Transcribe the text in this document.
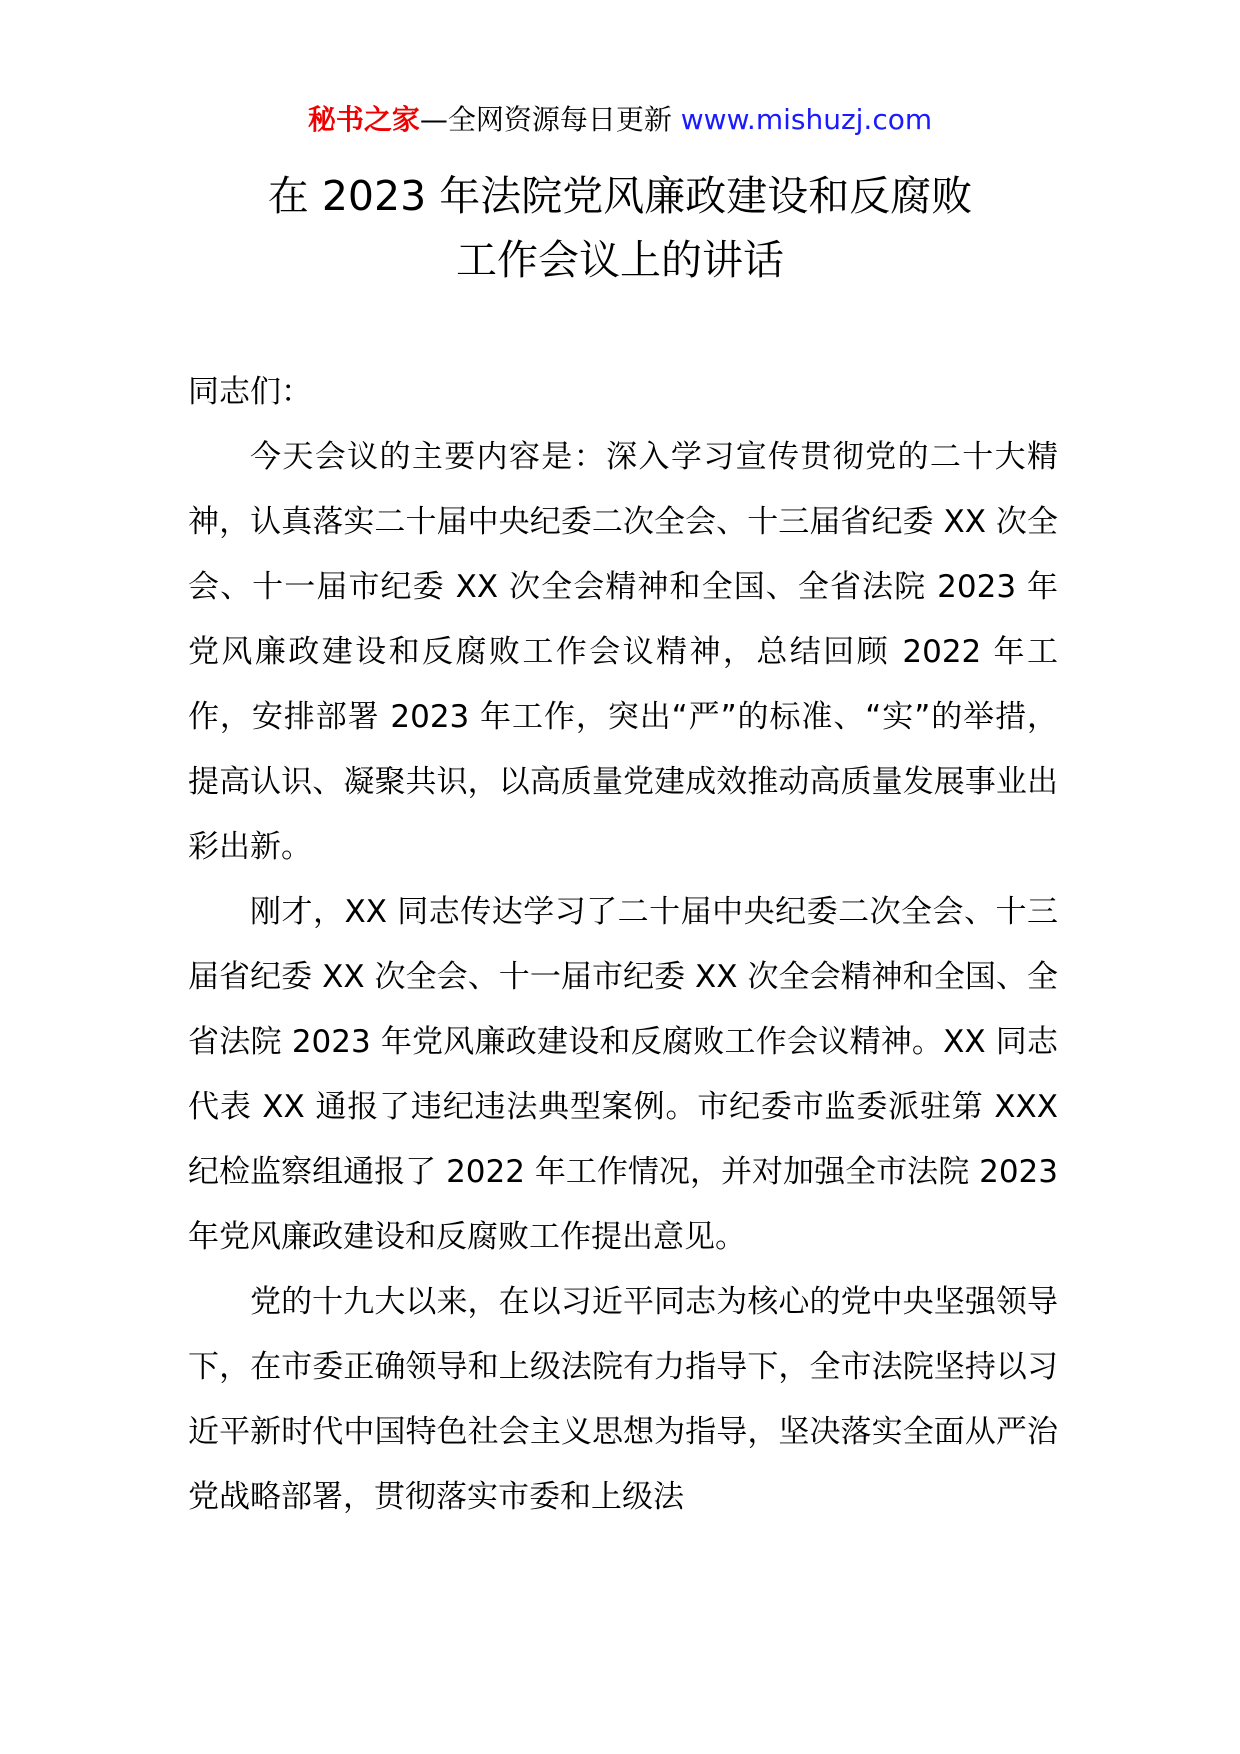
秘书之家—全网资源每日更新 www.mishuzj.com
在 2023 年法院党风廉政建设和反腐败
工作会议上的讲话

同志们：

今天会议的主要内容是：深入学习宣传贯彻党的二十大精神，认真落实二十届中央纪委二次全会、十三届省纪委 XX 次全会、十一届市纪委 XX 次全会精神和全国、全省法院 2023 年党风廉政建设和反腐败工作会议精神，总结回顾 2022 年工作，安排部署 2023 年工作，突出“严”的标准、“实”的举措，提高认识、凝聚共识，以高质量党建成效推动高质量发展事业出彩出新。

刚才，XX 同志传达学习了二十届中央纪委二次全会、十三届省纪委 XX 次全会、十一届市纪委 XX 次全会精神和全国、全省法院 2023 年党风廉政建设和反腐败工作会议精神。XX 同志代表 XX 通报了违纪违法典型案例。市纪委市监委派驻第 XXX 纪检监察组通报了 2022 年工作情况，并对加强全市法院 2023 年党风廉政建设和反腐败工作提出意见。

党的十九大以来，在以习近平同志为核心的党中央坚强领导下，在市委正确领导和上级法院有力指导下，全市法院坚持以习近平新时代中国特色社会主义思想为指导，坚决落实全面从严治党战略部署，贯彻落实市委和上级法
